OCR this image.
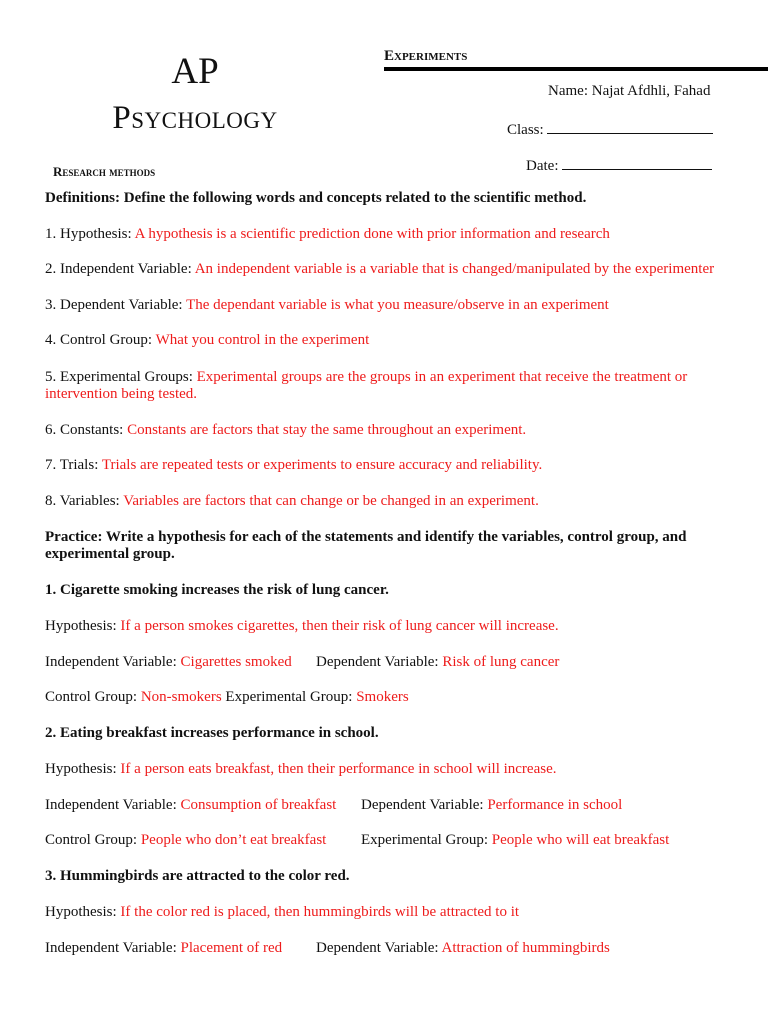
AP
Psychology
Experiments
Name: Najat Afdhli, Fahad
Class:
Date:
Research methods
Definitions: Define the following words and concepts related to the scientific method.
1. Hypothesis: A hypothesis is a scientific prediction done with prior information and research
2. Independent Variable: An independent variable is a variable that is changed/manipulated by the experimenter
3. Dependent Variable: The dependant variable is what you measure/observe in an experiment
4. Control Group: What you control in the experiment
5. Experimental Groups: Experimental groups are the groups in an experiment that receive the treatment or
intervention being tested.
6. Constants: Constants are factors that stay the same throughout an experiment.
7. Trials: Trials are repeated tests or experiments to ensure accuracy and reliability.
8. Variables: Variables are factors that can change or be changed in an experiment.
Practice: Write a hypothesis for each of the statements and identify the variables, control group, and
experimental group.
1. Cigarette smoking increases the risk of lung cancer.
Hypothesis: If a person smokes cigarettes, then their risk of lung cancer will increase.
Independent Variable: Cigarettes smoked Dependent Variable: Risk of lung cancer
Control Group: Non-smokers Experimental Group: Smokers
2. Eating breakfast increases performance in school.
Hypothesis: If a person eats breakfast, then their performance in school will increase.
Independent Variable: Consumption of breakfast Dependent Variable: Performance in school
Control Group: People who don’t eat breakfast Experimental Group: People who will eat breakfast
3. Hummingbirds are attracted to the color red.
Hypothesis: If the color red is placed, then hummingbirds will be attracted to it
Independent Variable: Placement of red Dependent Variable: Attraction of hummingbirds
